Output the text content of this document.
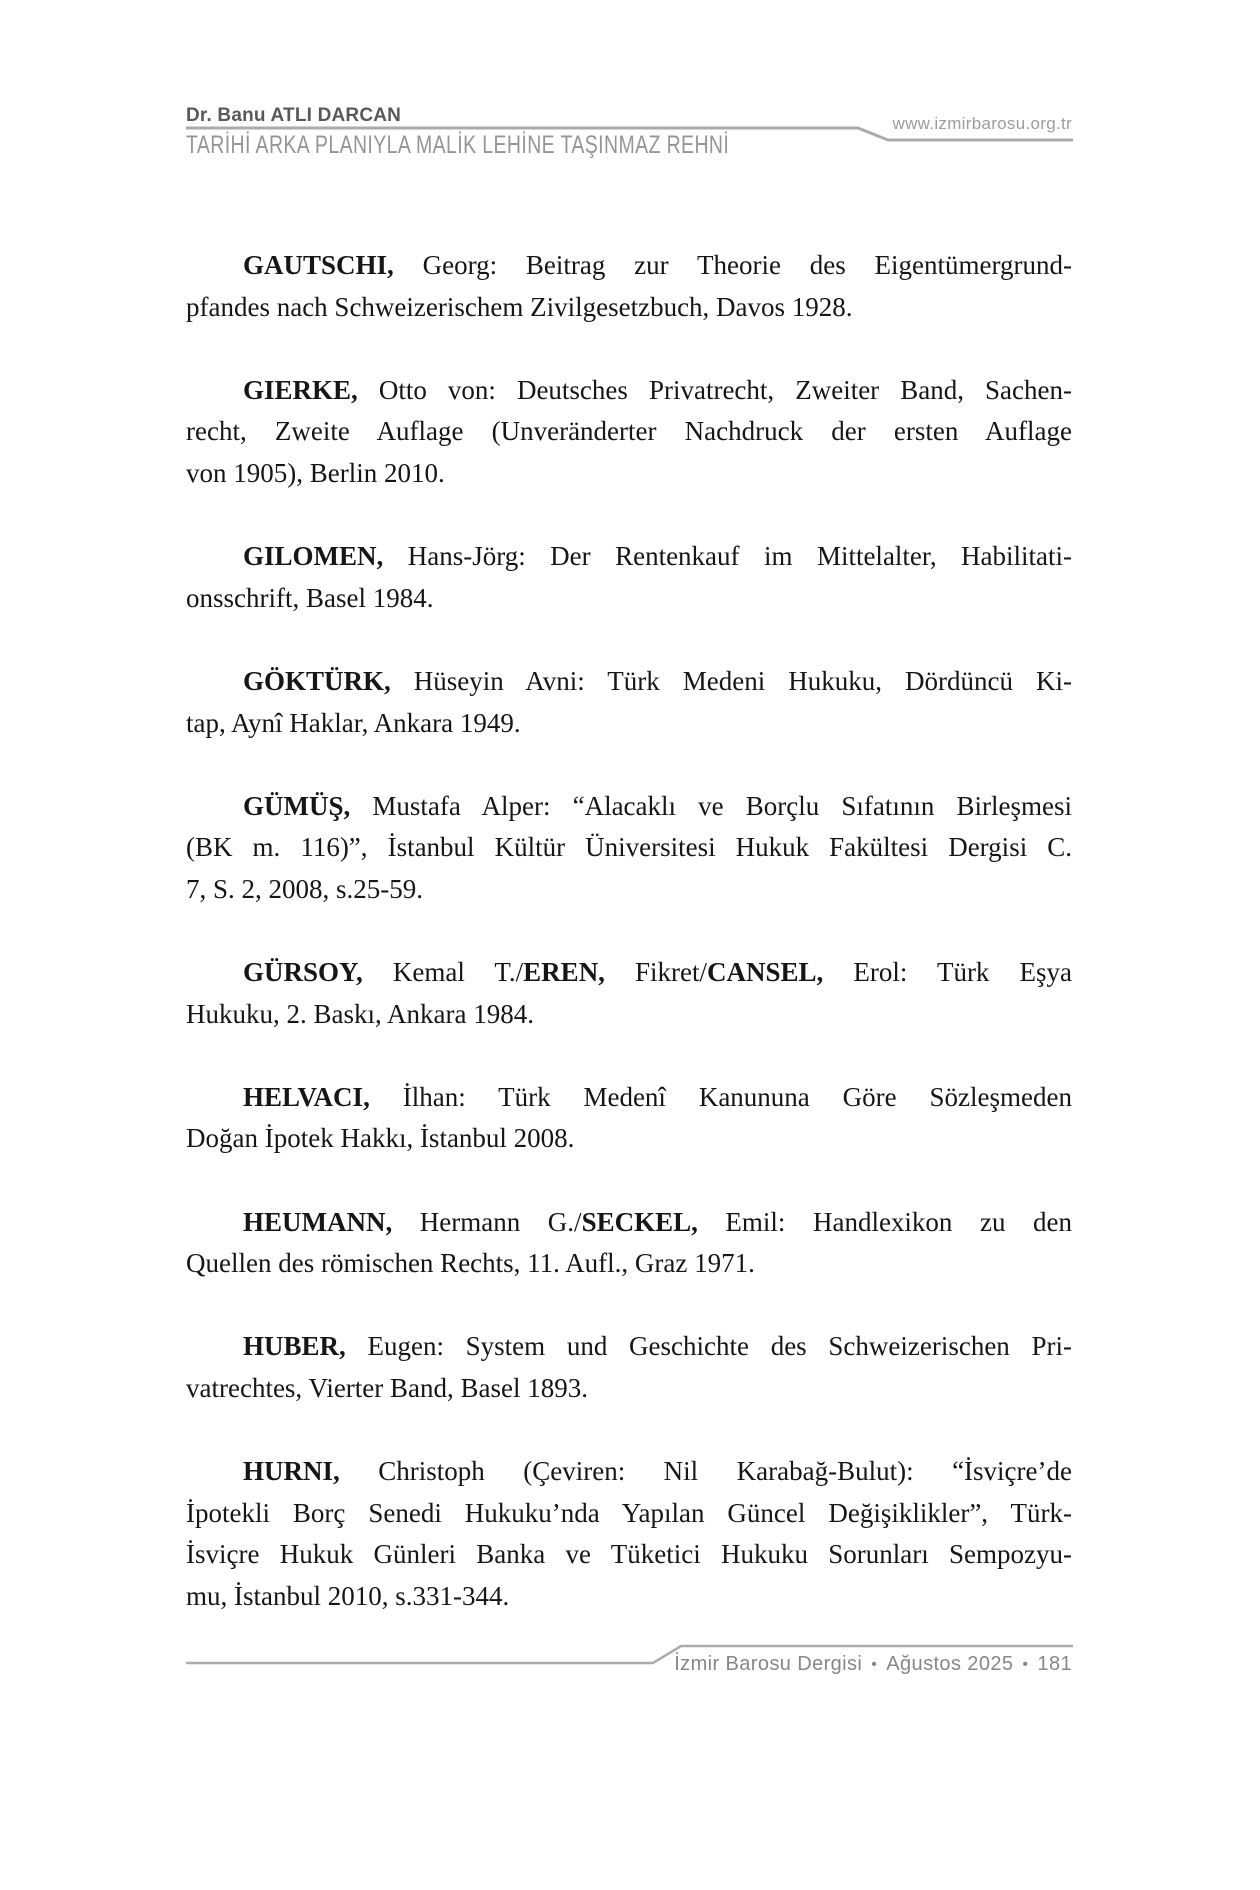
Dr. Banu ATLI DARCAN	www.izmirbarosu.org.tr
TARİHİ ARKA PLANIYLA MALİK LEHİNE TAŞINMAZ REHNİ
GAUTSCHI, Georg: Beitrag zur Theorie des Eigentümergrund-
pfandes nach Schweizerischem Zivilgesetzbuch, Davos 1928.
GIERKE, Otto von: Deutsches Privatrecht, Zweiter Band, Sachen-
recht, Zweite Auflage (Unveränderter Nachdruck der ersten Auflage
von 1905), Berlin 2010.
GILOMEN, Hans-Jörg: Der Rentenkauf im Mittelalter, Habilitati-
onsschrift, Basel 1984.
GÖKTÜRK, Hüseyin Avni: Türk Medeni Hukuku, Dördüncü Ki-
tap, Aynî Haklar, Ankara 1949.
GÜMÜŞ, Mustafa Alper: “Alacaklı ve Borçlu Sıfatının Birleşmesi
(BK m. 116)”, İstanbul Kültür Üniversitesi Hukuk Fakültesi Dergisi C.
7, S. 2, 2008, s.25-59.
GÜRSOY, Kemal T./EREN, Fikret/CANSEL, Erol: Türk Eşya
Hukuku, 2. Baskı, Ankara 1984.
HELVACI, İlhan: Türk Medenî Kanununa Göre Sözleşmeden
Doğan İpotek Hakkı, İstanbul 2008.
HEUMANN, Hermann G./SECKEL, Emil: Handlexikon zu den
Quellen des römischen Rechts, 11. Aufl., Graz 1971.
HUBER, Eugen: System und Geschichte des Schweizerischen Pri-
vatrechtes, Vierter Band, Basel 1893.
HURNI, Christoph (Çeviren: Nil Karabağ-Bulut): “İsviçre’de
İpotekli Borç Senedi Hukuku’nda Yapılan Güncel Değişiklikler”, Türk-
İsviçre Hukuk Günleri Banka ve Tüketici Hukuku Sorunları Sempozyu-
mu, İstanbul 2010, s.331-344.
İzmir Barosu Dergisi • Ağustos 2025 • 181
